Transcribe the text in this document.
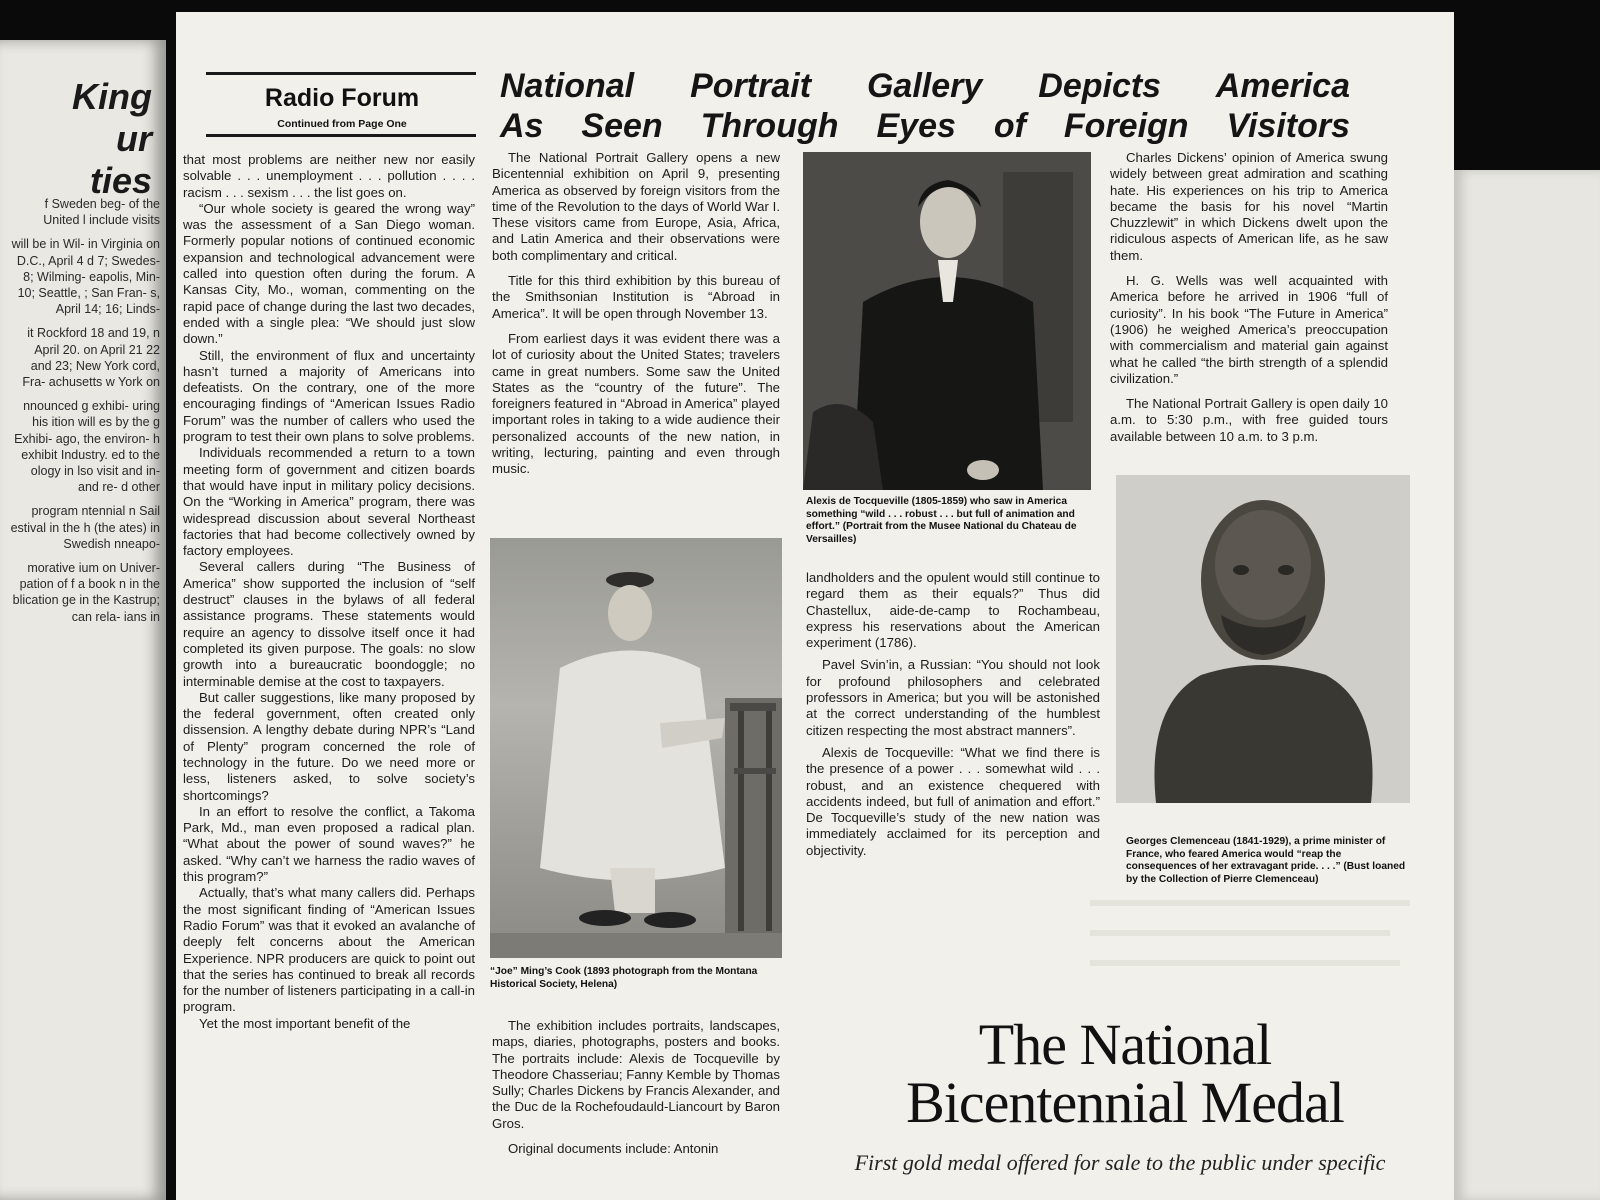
King
ur
ties

f Sweden beg- of the United l include visits

will be in Wil- in Virginia on D.C., April 4 d 7; Swedes- 8; Wilming- eapolis, Min- 10; Seattle, ; San Fran- s, April 14; 16; Linds-

it Rockford 18 and 19, n April 20. on April 21 22 and 23; New York cord, Fra- achusetts w York on

nnounced g exhibi- uring his ition will es by the g Exhibi- ago, the environ- h exhibit Industry. ed to the ology in lso visit and in- and re- d other

program ntennial n Sail estival in the h (the ates) in Swedish nneapo-

morative ium on Univer- pation of f a book n in the blication ge in the Kastrup; can rela- ians in

Radio Forum
Continued from Page One
National Portrait Gallery Depicts America
As Seen Through Eyes of Foreign Visitors

that most problems are neither new nor easily solvable . . . unemployment . . . pollution . . . . racism . . . sexism . . . the list goes on.

“Our whole society is geared the wrong way” was the assessment of a San Diego woman. Formerly popular notions of continued economic expansion and technological advancement were called into question often during the forum. A Kansas City, Mo., woman, commenting on the rapid pace of change during the last two decades, ended with a single plea: “We should just slow down.”

Still, the environment of flux and uncertainty hasn’t turned a majority of Americans into defeatists. On the contrary, one of the more encouraging findings of “American Issues Radio Forum” was the number of callers who used the program to test their own plans to solve problems.

Individuals recommended a return to a town meeting form of government and citizen boards that would have input in military policy decisions. On the “Working in America” program, there was widespread discussion about several Northeast factories that had become collectively owned by factory employees.

Several callers during “The Business of America” show supported the inclusion of “self destruct” clauses in the bylaws of all federal assistance programs. These statements would require an agency to dissolve itself once it had completed its given purpose. The goals: no slow growth into a bureaucratic boondoggle; no interminable demise at the cost to taxpayers.

But caller suggestions, like many proposed by the federal government, often created only dissension. A lengthy debate during NPR’s “Land of Plenty” program concerned the role of technology in the future. Do we need more or less, listeners asked, to solve society’s shortcomings?

In an effort to resolve the conflict, a Takoma Park, Md., man even proposed a radical plan. “What about the power of sound waves?” he asked. “Why can’t we harness the radio waves of this program?”

Actually, that’s what many callers did. Perhaps the most significant finding of “American Issues Radio Forum” was that it evoked an avalanche of deeply felt concerns about the American Experience. NPR producers are quick to point out that the series has continued to break all records for the number of listeners participating in a call-in program.

Yet the most important benefit of the

The National Portrait Gallery opens a new Bicentennial exhibition on April 9, presenting America as observed by foreign visitors from the time of the Revolution to the days of World War I. These visitors came from Europe, Asia, Africa, and Latin America and their observations were both complimentary and critical.

Title for this third exhibition by this bureau of the Smithsonian Institution is “Abroad in America”. It will be open through November 13.

From earliest days it was evident there was a lot of curiosity about the United States; travelers came in great numbers. Some saw the United States as the “country of the future”. The foreigners featured in “Abroad in America” played important roles in taking to a wide audience their personalized accounts of the new nation, in writing, lecturing, painting and even through music.

“Joe” Ming’s Cook (1893 photograph from the Montana Historical Society, Helena)

The exhibition includes portraits, landscapes, maps, diaries, photographs, posters and books. The portraits include: Alexis de Tocqueville by Theodore Chasseriau; Fanny Kemble by Thomas Sully; Charles Dickens by Francis Alexander, and the Duc de la Rochefoudauld-Liancourt by Baron Gros.

Original documents include: Antonin

Alexis de Tocqueville (1805-1859) who saw in America something “wild . . . robust . . . but full of animation and effort.” (Portrait from the Musee National du Chateau de Versailles)

landholders and the opulent would still continue to regard them as their equals?” Thus did Chastellux, aide-de-camp to Rochambeau, express his reservations about the American experiment (1786).

Pavel Svin’in, a Russian: “You should not look for profound philosophers and celebrated professors in America; but you will be astonished at the correct understanding of the humblest citizen respecting the most abstract manners”.

Alexis de Tocqueville: “What we find there is the presence of a power . . . somewhat wild . . . robust, and an existence chequered with accidents indeed, but full of animation and effort.” De Tocqueville’s study of the new nation was immediately acclaimed for its perception and objectivity.

Charles Dickens’ opinion of America swung widely between great admiration and scathing hate. His experiences on his trip to America became the basis for his novel “Martin Chuzzlewit” in which Dickens dwelt upon the ridiculous aspects of American life, as he saw them.

H. G. Wells was well acquainted with America before he arrived in 1906 “full of curiosity”. In his book “The Future in America” (1906) he weighed America’s preoccupation with commercialism and material gain against what he called “the birth strength of a splendid civilization.”

The National Portrait Gallery is open daily 10 a.m. to 5:30 p.m., with free guided tours available between 10 a.m. to 3 p.m.

Georges Clemenceau (1841-1929), a prime minister of France, who feared America would “reap the consequences of her extravagant pride. . . .” (Bust loaned by the Collection of Pierre Clemenceau)
The National
Bicentennial Medal
First gold medal offered for sale to the public under specific
